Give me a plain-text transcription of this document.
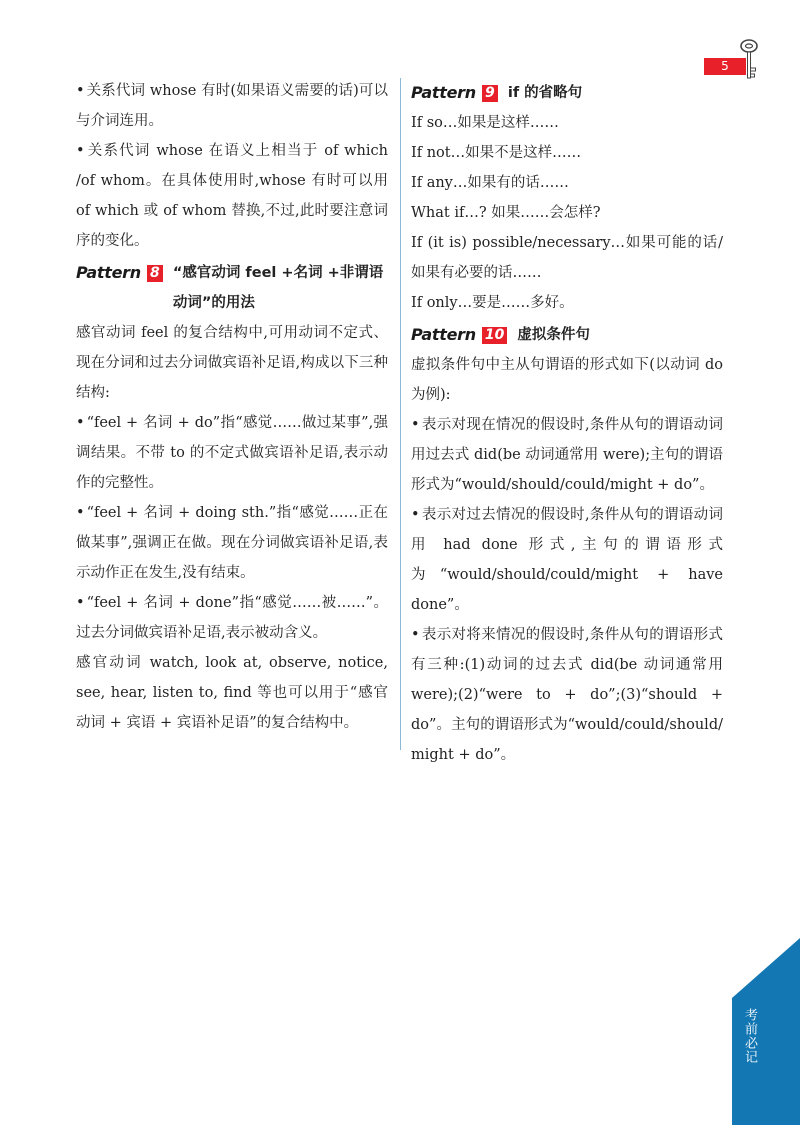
5

• 关系代词 whose 有时(如果语义需要的话)可以与介词连用。

• 关系代词 whose 在语义上相当于 of which /of whom。在具体使用时,whose 有时可以用 of which 或 of whom 替换,不过,此时要注意词序的变化。

Pattern 8 “感官动词 feel +名词 +非谓语动词”的用法

感官动词 feel 的复合结构中,可用动词不定式、现在分词和过去分词做宾语补足语,构成以下三种结构:

• “feel + 名词 + do”指“感觉……做过某事”,强调结果。不带 to 的不定式做宾语补足语,表示动作的完整性。

• “feel + 名词 + doing sth.”指“感觉……正在做某事”,强调正在做。现在分词做宾语补足语,表示动作正在发生,没有结束。

• “feel + 名词 + done”指“感觉……被……”。过去分词做宾语补足语,表示被动含义。

感官动词 watch, look at, observe, notice, see, hear, listen to, find 等也可以用于“感官动词 + 宾语 + 宾语补足语”的复合结构中。

Pattern 9 if 的省略句

If so…如果是这样……

If not…如果不是这样……

If any…如果有的话……

What if…? 如果……会怎样?

If (it is) possible/necessary…如果可能的话/如果有必要的话……

If only…要是……多好。

Pattern 10 虚拟条件句

虚拟条件句中主从句谓语的形式如下(以动词 do 为例):

• 表示对现在情况的假设时,条件从句的谓语动词用过去式 did(be 动词通常用 were);主句的谓语形式为“would/should/could/might + do”。

• 表示对过去情况的假设时,条件从句的谓语动词用 had done 形式,主句的谓语形式为“would/should/could/might + have done”。

• 表示对将来情况的假设时,条件从句的谓语形式有三种:(1)动词的过去式 did(be 动词通常用 were);(2)“were to + do”;(3)“should + do”。主句的谓语形式为“would/could/should/ might + do”。

考前必记
